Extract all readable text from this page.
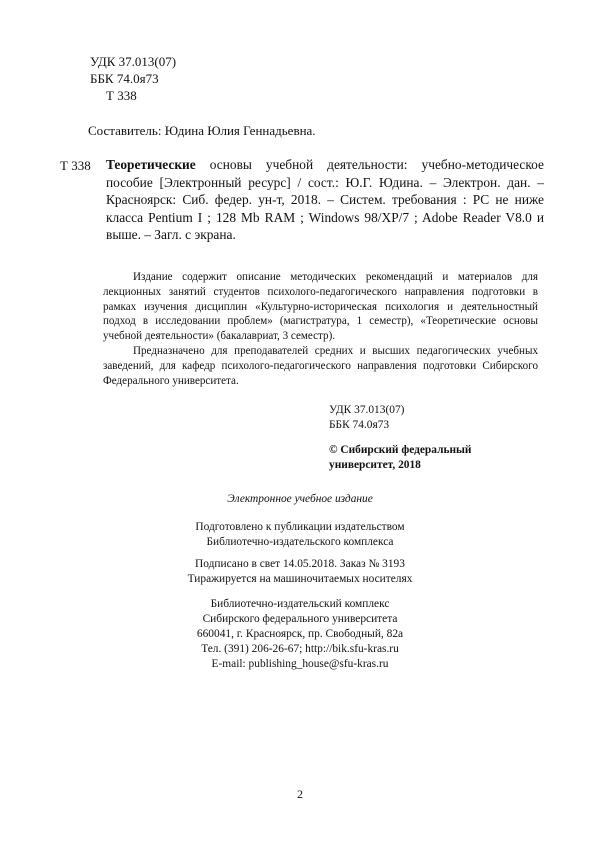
УДК 37.013(07)
ББК 74.0я73
Т 338
Составитель: Юдина Юлия Геннадьевна.
Т 338 Теоретические основы учебной деятельности: учебно-методическое пособие [Электронный ресурс] / сост.: Ю.Г. Юдина. – Электрон. дан. – Красноярск: Сиб. федер. ун-т, 2018. – Систем. требования : PC не ниже класса Pentium I ; 128 Mb RAM ; Windows 98/XP/7 ; Adobe Reader V8.0 и выше. – Загл. с экрана.

Издание содержит описание методических рекомендаций и материалов для лекционных занятий студентов психолого-педагогического направления подготовки в рамках изучения дисциплин «Культурно-историческая психология и деятельностный подход в исследовании проблем» (магистратура, 1 семестр), «Теоретические основы учебной деятельности» (бакалавриат, 3 семестр).

Предназначено для преподавателей средних и высших педагогических учебных заведений, для кафедр психолого-педагогического направления подготовки Сибирского Федерального университета.

УДК 37.013(07)
ББК 74.0я73
© Сибирский федеральный
университет, 2018
Электронное учебное издание
Подготовлено к публикации издательством
Библиотечно-издательского комплекса
Подписано в свет 14.05.2018. Заказ № 3193
Тиражируется на машиночитаемых носителях
Библиотечно-издательский комплекс
Сибирского федерального университета
660041, г. Красноярск, пр. Свободный, 82а
Тел. (391) 206-26-67; http://bik.sfu-kras.ru
E-mail: publishing_house@sfu-kras.ru
2
